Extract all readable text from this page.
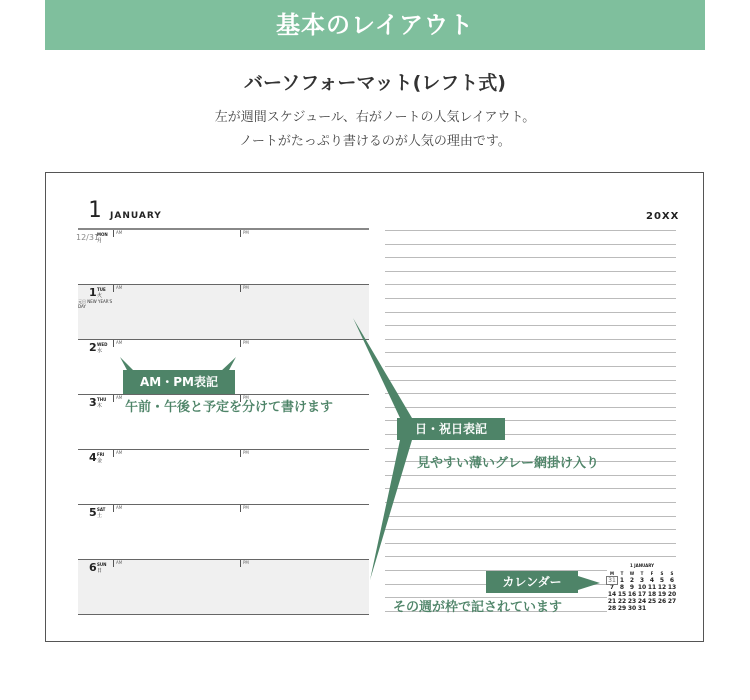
基本のレイアウト
バーソフォーマット(レフト式)
左が週間スケジュール、右がノートの人気レイアウト。
ノートがたっぷり書けるのが人気の理由です。
1 JANUARY	20XX
12/31
MON
月
AM	PM
1 TUE
火
元日 NEW YEAR'S DAY
AM	PM
2 WED
水
AM	PM
3 THU
木
AM	PM
4 FRI
金
AM	PM
5 SAT
土
AM	PM
6 SUN
日
AM	PM
AM・PM表記
午前・午後と予定を分けて書けます
日・祝日表記
見やすい薄いグレー網掛け入り
カレンダー
その週が枠で記されています
1 JANUARY
M	T	W	T	F	S	S
31	1	2	3	4	5	6
7	8	9	10	11	12	13
14	15	16	17	18	19	20
21	22	23	24	25	26	27
28	29	30	31			
